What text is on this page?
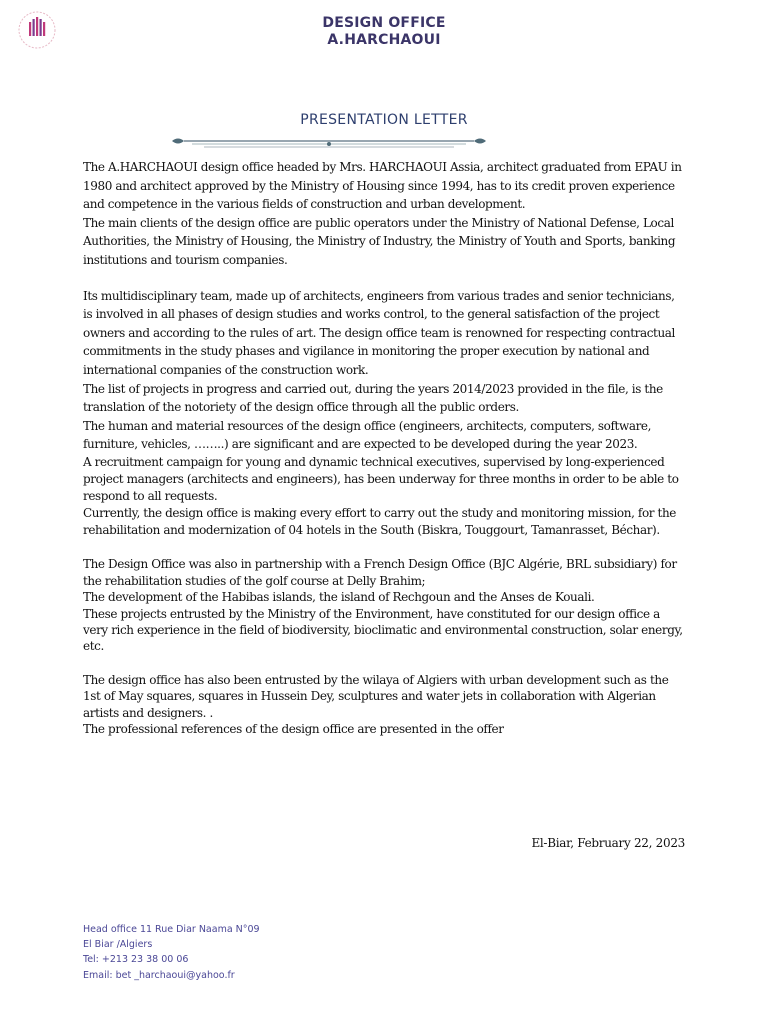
DESIGN OFFICE
A.HARCHAOUI
PRESENTATION LETTER

The A.HARCHAOUI design office headed by Mrs. HARCHAOUI Assia, architect graduated from EPAU in 1980 and architect approved by the Ministry of Housing since 1994, has to its credit proven experience and competence in the various fields of construction and urban development.

The main clients of the design office are public operators under the Ministry of National Defense, Local Authorities, the Ministry of Housing, the Ministry of Industry, the Ministry of Youth and Sports, banking institutions and tourism companies.

Its multidisciplinary team, made up of architects, engineers from various trades and senior technicians, is involved in all phases of design studies and works control, to the general satisfaction of the project owners and according to the rules of art. The design office team is renowned for respecting contractual commitments in the study phases and vigilance in monitoring the proper execution by national and international companies of the construction work.

The list of projects in progress and carried out, during the years 2014/2023 provided in the file, is the translation of the notoriety of the design office through all the public orders.

The human and material resources of the design office (engineers, architects, computers, software, furniture, vehicles, ……..) are significant and are expected to be developed during the year 2023.

A recruitment campaign for young and dynamic technical executives, supervised by long-experienced project managers (architects and engineers), has been underway for three months in order to be able to respond to all requests.

Currently, the design office is making every effort to carry out the study and monitoring mission, for the rehabilitation and modernization of 04 hotels in the South (Biskra, Touggourt, Tamanrasset, Béchar).

The Design Office was also in partnership with a French Design Office (BJC Algérie, BRL subsidiary) for the rehabilitation studies of the golf course at Delly Brahim;

The development of the Habibas islands, the island of Rechgoun and the Anses de Kouali.

These projects entrusted by the Ministry of the Environment, have constituted for our design office a very rich experience in the field of biodiversity, bioclimatic and environmental construction, solar energy, etc.

The design office has also been entrusted by the wilaya of Algiers with urban development such as the 1st of May squares, squares in Hussein Dey, sculptures and water jets in collaboration with Algerian artists and designers. .

The professional references of the design office are presented in the offer

El-Biar, February 22, 2023
Head office 11 Rue Diar Naama N°09
El Biar /Algiers
Tel: +213 23 38 00 06
Email: bet _harchaoui@yahoo.fr
